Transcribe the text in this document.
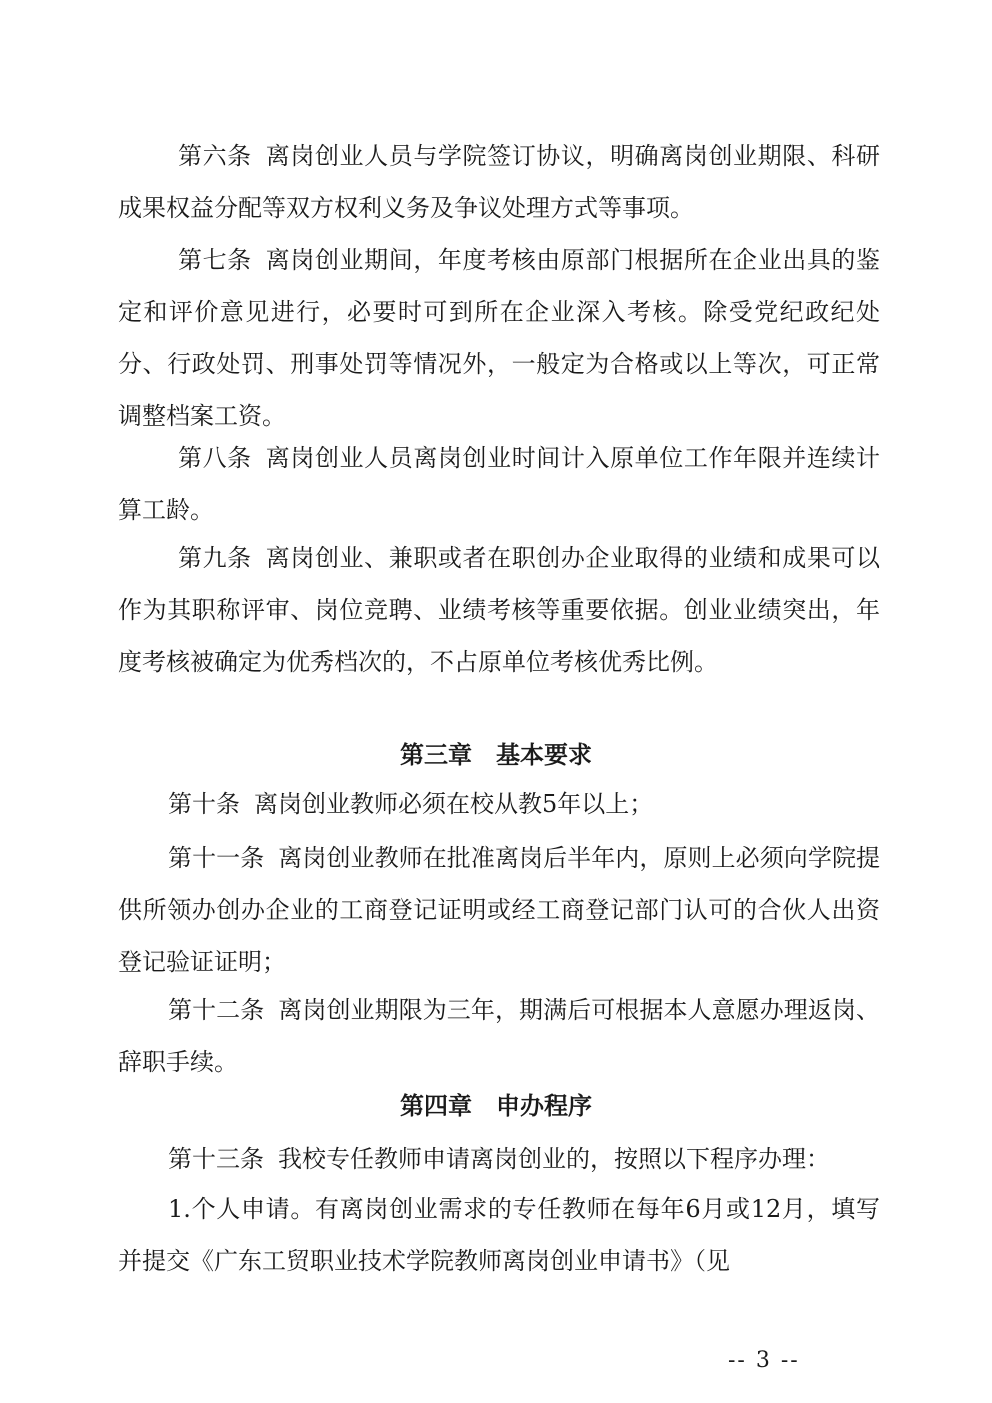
第六条 离岗创业人员与学院签订协议，明确离岗创业期限、科研成果权益分配等双方权利义务及争议处理方式等事项。

第七条 离岗创业期间，年度考核由原部门根据所在企业出具的鉴定和评价意见进行，必要时可到所在企业深入考核。除受党纪政纪处分、行政处罚、刑事处罚等情况外，一般定为合格或以上等次，可正常调整档案工资。

第八条 离岗创业人员离岗创业时间计入原单位工作年限并连续计算工龄。

第九条 离岗创业、兼职或者在职创办企业取得的业绩和成果可以作为其职称评审、岗位竞聘、业绩考核等重要依据。创业业绩突出，年度考核被确定为优秀档次的，不占原单位考核优秀比例。

第三章　基本要求

第十条 离岗创业教师必须在校从教5年以上；

第十一条 离岗创业教师在批准离岗后半年内，原则上必须向学院提供所领办创办企业的工商登记证明或经工商登记部门认可的合伙人出资登记验证证明；

第十二条 离岗创业期限为三年，期满后可根据本人意愿办理返岗、辞职手续。

第四章　申办程序

第十三条 我校专任教师申请离岗创业的，按照以下程序办理：

1.个人申请。有离岗创业需求的专任教师在每年6月或12月，填写并提交《广东工贸职业技术学院教师离岗创业申请书》（见

-- 3 --
